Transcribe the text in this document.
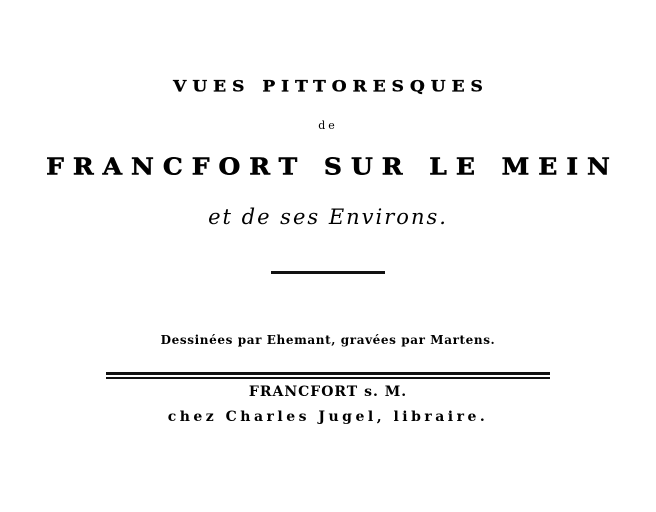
VUES PITTORESQUES
de
FRANCFORT SUR LE MEIN
et de ses Environs.
Dessinées par Ehemant, gravées par Martens.
FRANCFORT s. M.
chez Charles Jugel, libraire.
